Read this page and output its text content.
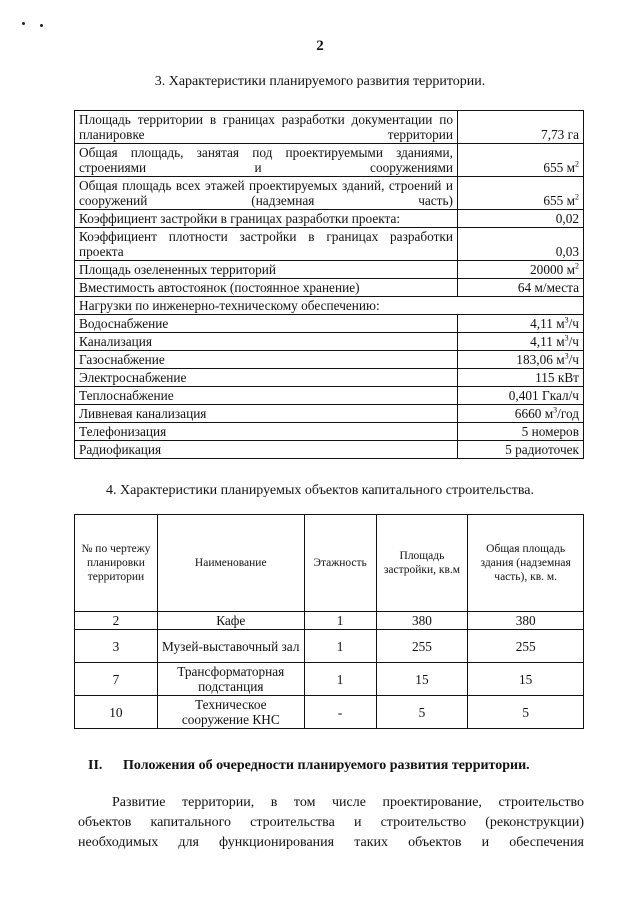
2
3. Характеристики планируемого развития территории.
Площадь территории в границах разработки документации по планировке территории	7,73 га
Общая площадь, занятая под проектируемыми зданиями, строениями и сооружениями	655 $м^2$
Общая площадь всех этажей проектируемых зданий, строений и сооружений (надземная часть)	655 $м^2$
Коэффициент застройки в границах разработки проекта:	0,02
Коэффициент плотности застройки в границах разработки проекта	0,03
Площадь озелененных территорий	20000 $м^2$
Вместимость автостоянок (постоянное хранение)	64 м/места
Нагрузки по инженерно-техническому обеспечению:	
Водоснабжение	4,11 $м^3/ч$
Канализация	4,11 $м^3/ч$
Газоснабжение	183,06 $м^3/ч$
Электроснабжение	115 кВт
Теплоснабжение	0,401 Гкал/ч
Ливневая канализация	6660 $м^3$/год
Телефонизация	5 номеров
Радиофикация	5 радиоточек
4. Характеристики планируемых объектов капитального строительства.
№ по чертежу планировки территории	Наименование	Этажность	Площадь застройки, кв.м	Общая площадь здания (надземная часть), кв. м.
2	Кафе	1	380	380
3	Музей-выставочный зал	1	255	255
7	Трансформаторная подстанция	1	15	15
10	Техническое сооружение КНС	-	5	5
II. Положения об очередности планируемого развития территории.
Развитие территории, в том числе проектирование, строительство
объектов капитального строительства и строительство (реконструкции)
необходимых для функционирования таких объектов и обеспечения
